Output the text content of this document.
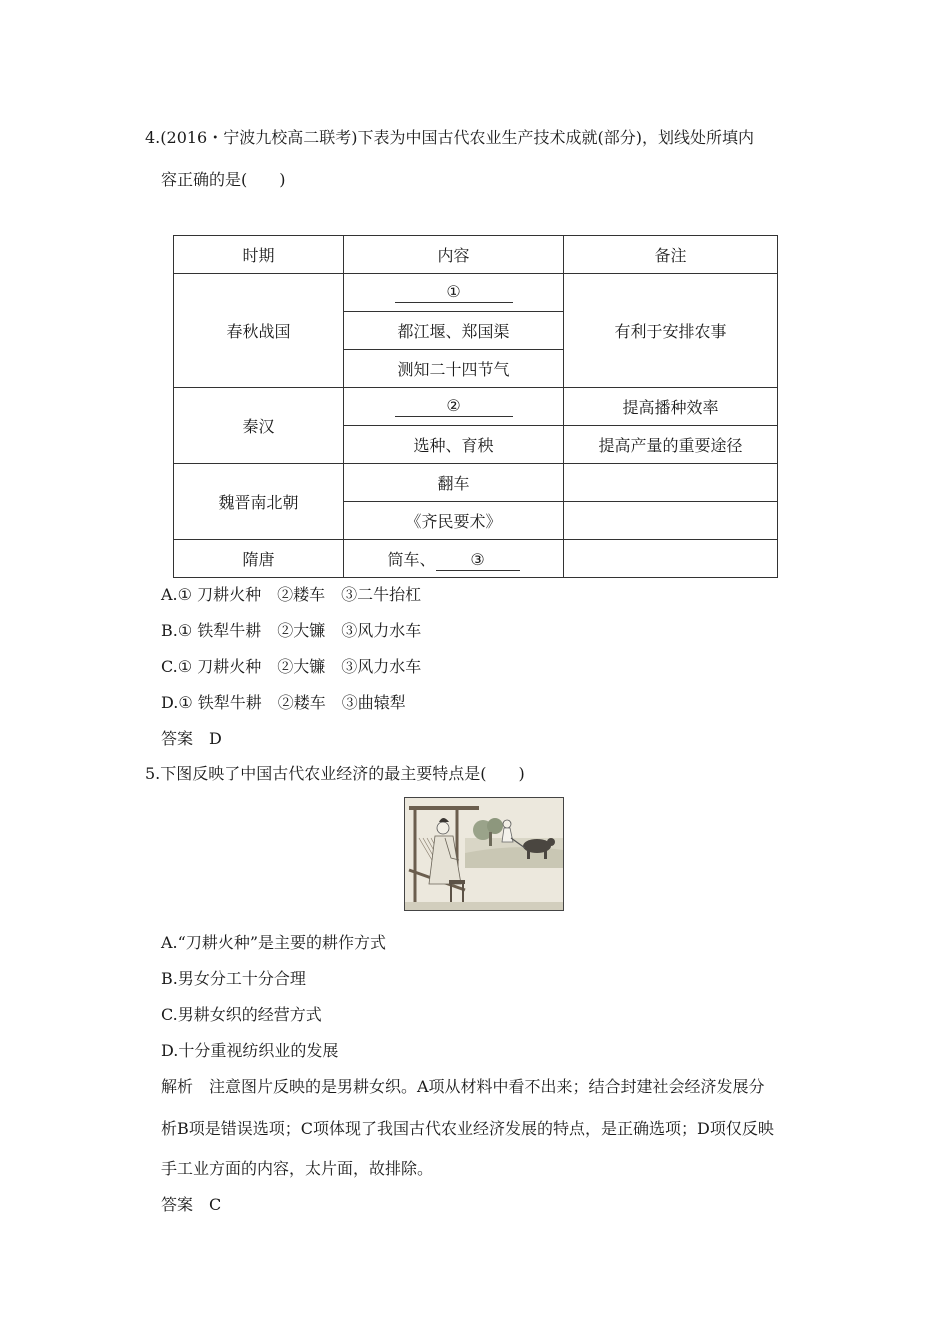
4.(2016・宁波九校高二联考)下表为中国古代农业生产技术成就(部分)，划线处所填内
容正确的是(　　)
时期	内容	备注
春秋战国	①	有利于安排农事
	都江堰、郑国渠	
	测知二十四节气	
秦汉	②	提高播种效率
	选种、育秧	提高产量的重要途径
魏晋南北朝	翻车	
	《齐民要术》	
隋唐	筒车、 ③	
A.① 刀耕火种　②耧车　③二牛抬杠
B.① 铁犁牛耕　②大镰　③风力水车
C.① 刀耕火种　②大镰　③风力水车
D.① 铁犁牛耕　②耧车　③曲辕犁
答案　D
5.下图反映了中国古代农业经济的最主要特点是(　　)
A.“刀耕火种”是主要的耕作方式
B.男女分工十分合理
C.男耕女织的经营方式
D.十分重视纺织业的发展
解析　注意图片反映的是男耕女织。A项从材料中看不出来；结合封建社会经济发展分
析B项是错误选项；C项体现了我国古代农业经济发展的特点，是正确选项；D项仅反映
手工业方面的内容，太片面，故排除。
答案　C
